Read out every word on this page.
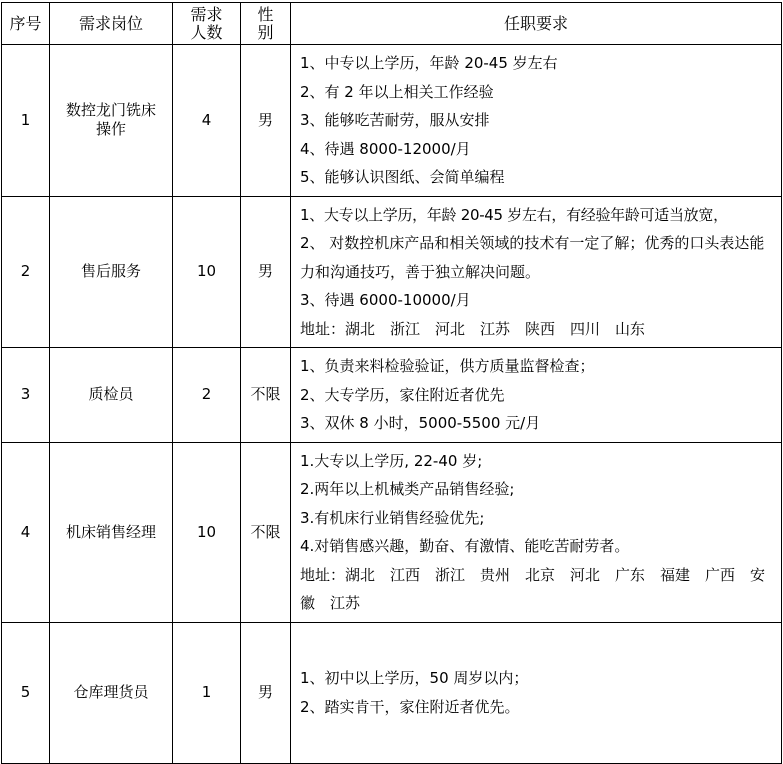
序号	需求岗位	需求人数	性别	任职要求
1	数控龙门铣床操作	4	男	1、中专以上学历，年龄 20-45 岁左右
2、有 2 年以上相关工作经验
3、能够吃苦耐劳，服从安排
4、待遇 8000-12000/月
5、能够认识图纸、会简单编程

2	售后服务	10	男	1、大专以上学历，年龄 20-45 岁左右，有经验年龄可适当放宽，
2、 对数控机床产品和相关领域的技术有一定了解；优秀的口头表达能力和沟通技巧，善于独立解决问题。
3、待遇 6000-10000/月
地址：湖北　浙江　河北　江苏　陕西　四川　山东

3	质检员	2	不限	1、负责来料检验验证，供方质量监督检查；
2、大专学历，家住附近者优先
3、双休 8 小时，5000-5500 元/月

4	机床销售经理	10	不限	1.大专以上学历, 22-40 岁;
2.两年以上机械类产品销售经验;
3.有机床行业销售经验优先;
4.对销售感兴趣，勤奋、有激情、能吃苦耐劳者。
地址：湖北　江西　浙江　贵州　北京　河北　广东　福建　广西　安徽　江苏

5	仓库理货员	1	男	1、初中以上学历，50 周岁以内；
2、踏实肯干，家住附近者优先。
